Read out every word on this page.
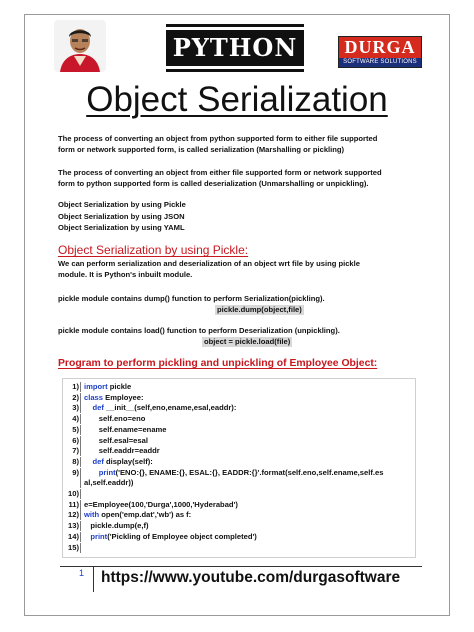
PYTHON	DURGA
SOFTWARE SOLUTIONS
Object Serialization
The process of converting an object from python supported form to either file supported
form or network supported form, is called serialization (Marshalling or pickling)
The process of converting an object from either file supported form or network supported
form to python supported form is called deserialization (Unmarshalling or unpickling).
Object Serialization by using Pickle
Object Serialization by using JSON
Object Serialization by using YAML
Object Serialization by using Pickle:
We can perform serialization and deserialization of an object wrt file by using pickle
module. It is Python's inbuilt module.
pickle module contains dump() function to perform Serialization(pickling).
pickle.dump(object,file)
pickle module contains load() function to perform Deserialization (unpickling).
object = pickle.load(file)
Program to perform pickling and unpickling of Employee Object:
1) import pickle
2) class Employee:
3) def __init__(self,eno,ename,esal,eaddr):
4)       self.eno=eno
5)       self.ename=ename
6)       self.esal=esal
7)       self.eaddr=eaddr
8) def display(self):
9)	print('ENO:{}, ENAME:{}, ESAL:{}, EADDR:{}'.format(self.eno,self.ename,self.es
al,self.eaddr))
10)
11) e=Employee(100,'Durga',1000,'Hyderabad')
12) with open('emp.dat','wb') as f:
13)   pickle.dump(e,f)
14) print('Pickling of Employee object completed')
15)
1 https://www.youtube.com/durgasoftware
